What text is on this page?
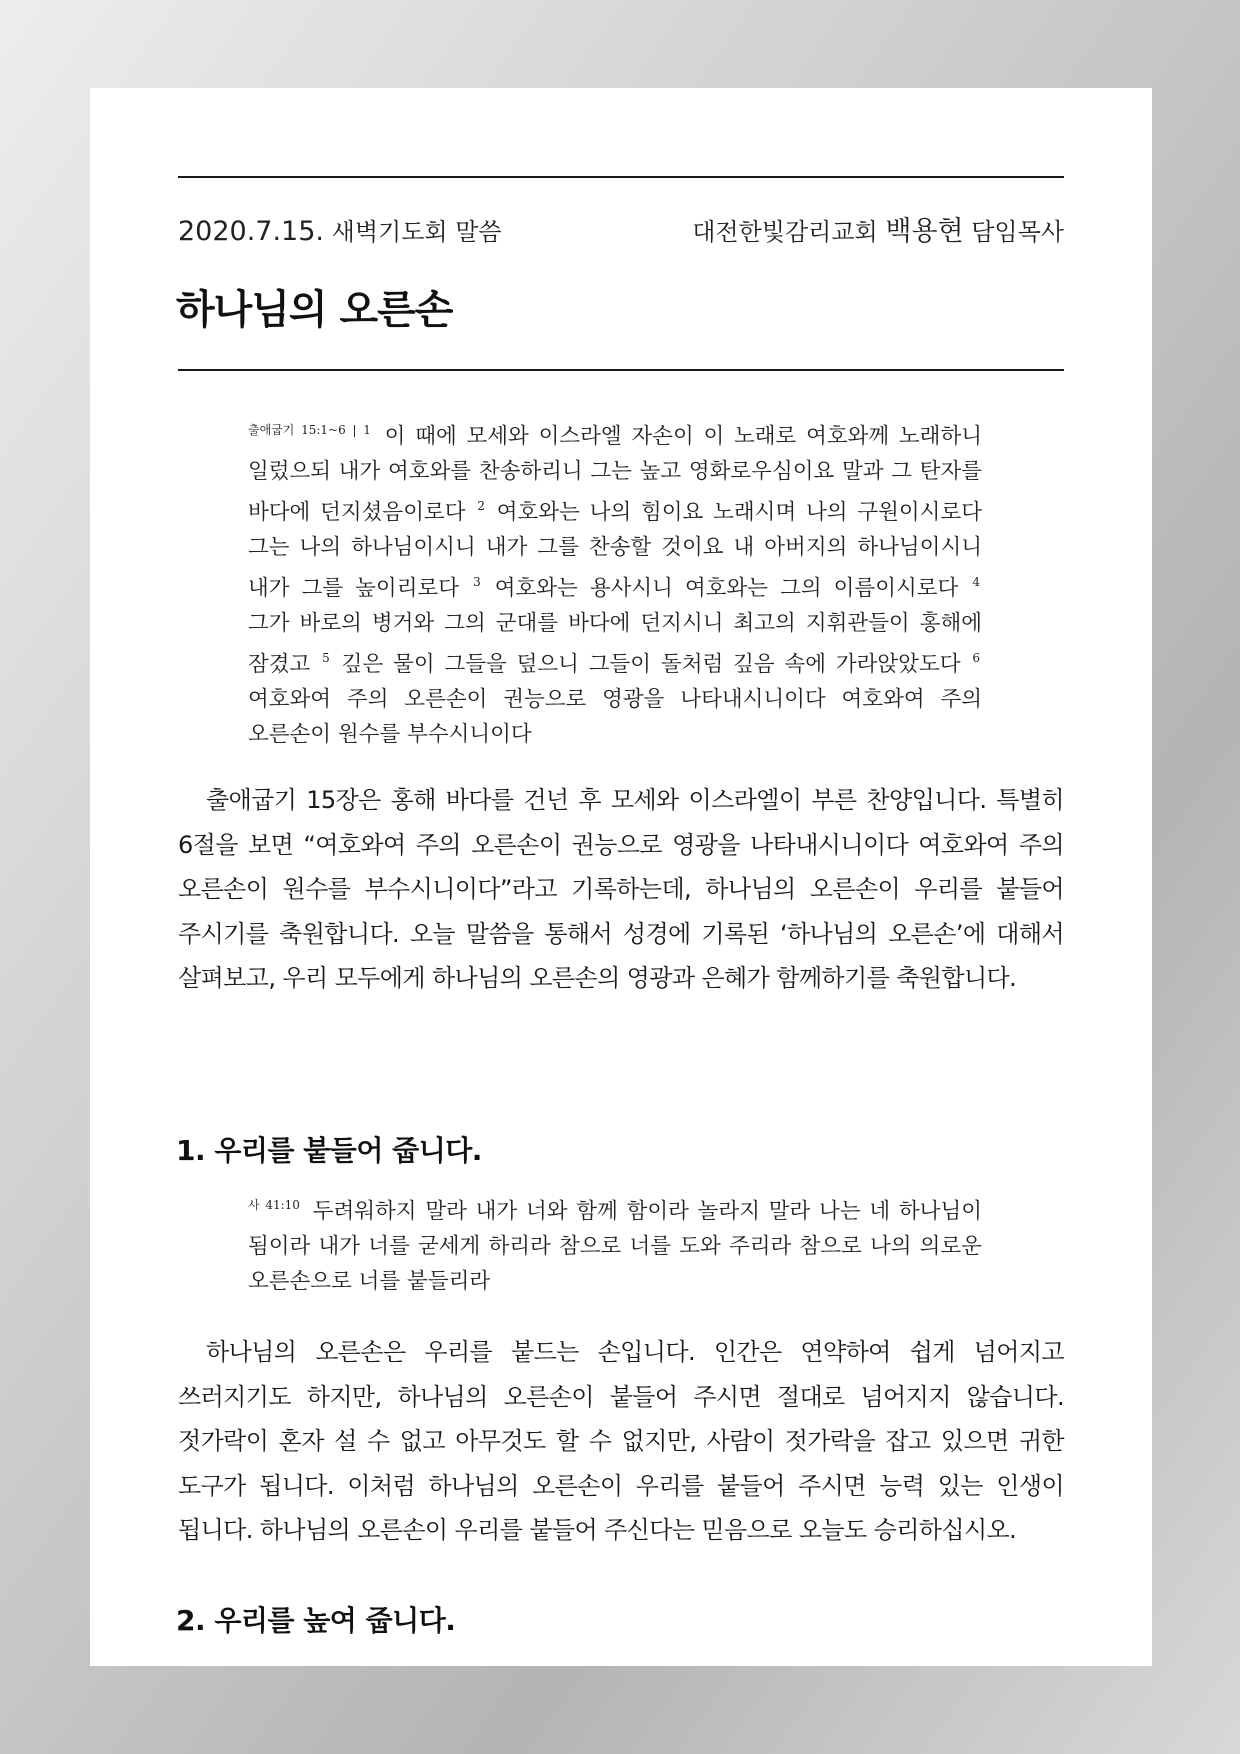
2020.7.15. 새벽기도회 말씀	대전한빛감리교회 백용현 담임목사
하나님의 오른손
$^{출애굽기 15:1\sim 6 | 1}$ 이 때에 모세와 이스라엘 자손이 이 노래로 여호와께 노래하니 일렀으되 내가 여호와를 찬송하리니 그는 높고 영화로우심이요 말과 그 탄자를 바다에 던지셨음이로다 $^2$ 여호와는 나의 힘이요 노래시며 나의 구원이시로다 그는 나의 하나님이시니 내가 그를 찬송할 것이요 내 아버지의 하나님이시니 내가 그를 높이리로다 $^3$ 여호와는 용사시니 여호와는 그의 이름이시로다 $^4$ 그가 바로의 병거와 그의 군대를 바다에 던지시니 최고의 지휘관들이 홍해에 잠겼고 $^5$ 깊은 물이 그들을 덮으니 그들이 돌처럼 깊음 속에 가라앉았도다 $^6$ 여호와여 주의 오른손이 권능으로 영광을 나타내시니이다 여호와여 주의 오른손이 원수를 부수시니이다

출애굽기 15장은 홍해 바다를 건넌 후 모세와 이스라엘이 부른 찬양입니다. 특별히 6절을 보면 “여호와여 주의 오른손이 권능으로 영광을 나타내시니이다 여호와여 주의 오른손이 원수를 부수시니이다”라고 기록하는데, 하나님의 오른손이 우리를 붙들어 주시기를 축원합니다. 오늘 말씀을 통해서 성경에 기록된 ‘하나님의 오른손’에 대해서 살펴보고, 우리 모두에게 하나님의 오른손의 영광과 은혜가 함께하기를 축원합니다.

1. 우리를 붙들어 줍니다.
$^{사 41:10}$ 두려워하지 말라 내가 너와 함께 함이라 놀라지 말라 나는 네 하나님이 됨이라 내가 너를 굳세게 하리라 참으로 너를 도와 주리라 참으로 나의 의로운 오른손으로 너를 붙들리라

하나님의 오른손은 우리를 붙드는 손입니다. 인간은 연약하여 쉽게 넘어지고 쓰러지기도 하지만, 하나님의 오른손이 붙들어 주시면 절대로 넘어지지 않습니다. 젓가락이 혼자 설 수 없고 아무것도 할 수 없지만, 사람이 젓가락을 잡고 있으면 귀한 도구가 됩니다. 이처럼 하나님의 오른손이 우리를 붙들어 주시면 능력 있는 인생이 됩니다. 하나님의 오른손이 우리를 붙들어 주신다는 믿음으로 오늘도 승리하십시오.

2. 우리를 높여 줍니다.
